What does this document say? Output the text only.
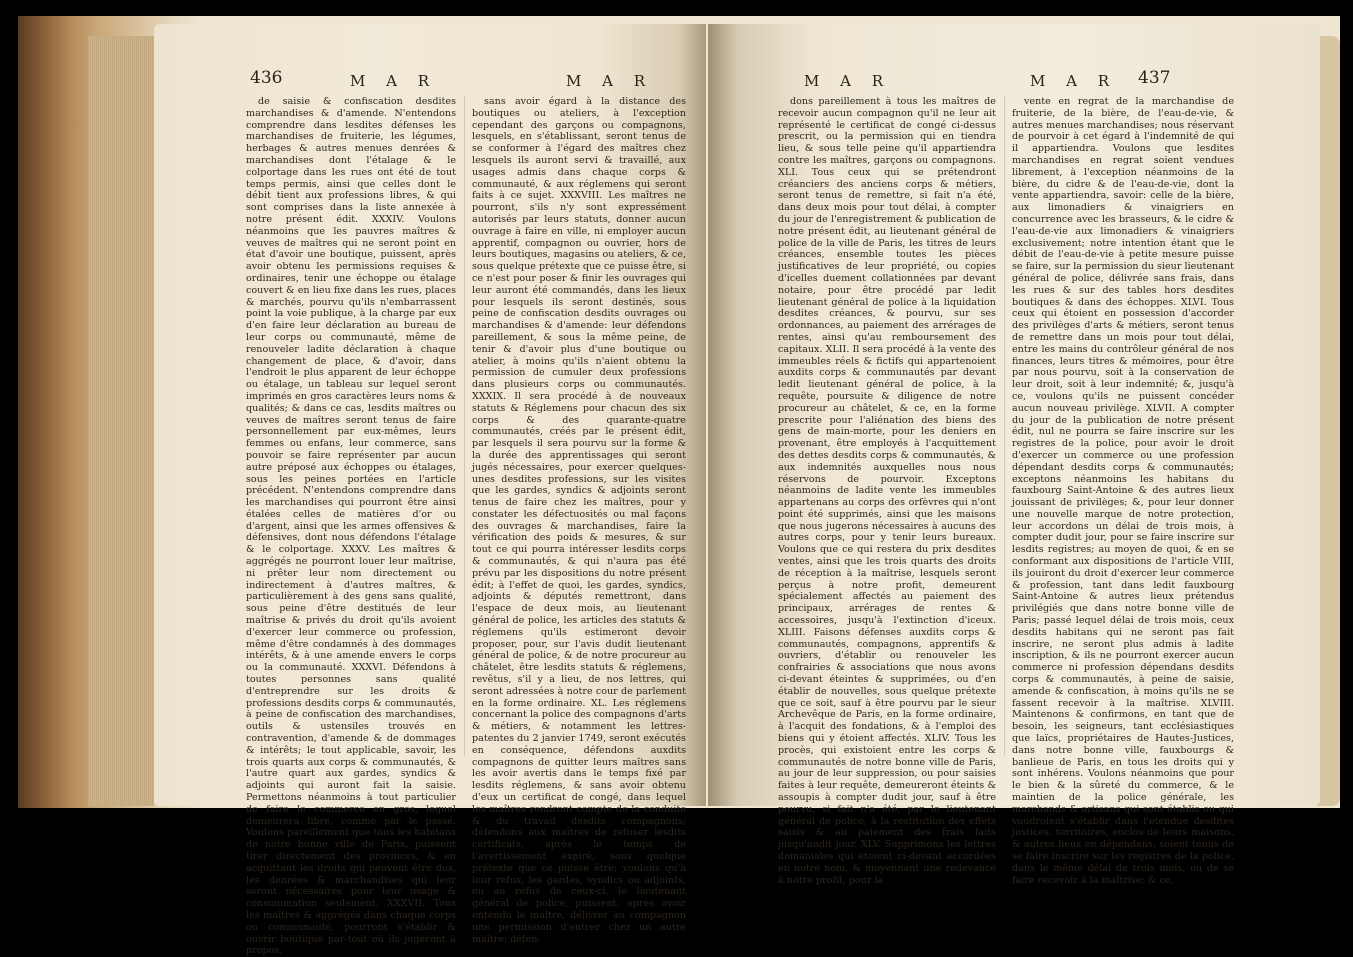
436	M A R	M A R

de saisie & confiscation desdites marchandises & d'amende. N'entendons comprendre dans lesdites défenses les marchandises de fruiterie, les légumes, herbages & autres menues denrées & marchandises dont l'étalage & le colportage dans les rues ont été de tout temps permis, ainsi que celles dont le débit tient aux professions libres, & qui sont comprises dans la liste annexée à notre présent édit. XXXIV. Voulons néanmoins que les pauvres maîtres & veuves de maîtres qui ne seront point en état d'avoir une boutique, puissent, après avoir obtenu les permissions requises & ordinaires, tenir une échoppe ou étalage couvert & en lieu fixe dans les rues, places & marchés, pourvu qu'ils n'embarrassent point la voie publique, à la charge par eux d'en faire leur déclaration au bureau de leur corps ou communauté, même de renouveler ladite déclaration à chaque changement de place, & d'avoir, dans l'endroit le plus apparent de leur échoppe ou étalage, un tableau sur lequel seront imprimés en gros caractères leurs noms & qualités; & dans ce cas, lesdits maîtres ou veuves de maîtres seront tenus de faire personnellement par eux-mêmes, leurs femmes ou enfans, leur commerce, sans pouvoir se faire représenter par aucun autre préposé aux échoppes ou étalages, sous les peines portées en l'article précédent. N'entendons comprendre dans les marchandises qui pourront être ainsi étalées celles de matières d'or ou d'argent, ainsi que les armes offensives & défensives, dont nous défendons l'étalage & le colportage. XXXV. Les maîtres & aggrégés ne pourront louer leur maîtrise, ni prêter leur nom directement ou indirectement à d'autres maîtres, & particulièrement à des gens sans qualité, sous peine d'être destitués de leur maîtrise & privés du droit qu'ils avoient d'exercer leur commerce ou profession, même d'être condamnés à des dommages intérêts, & à une amende envers le corps ou la communauté. XXXVI. Défendons à toutes personnes sans qualité d'entreprendre sur les droits & professions desdits corps & communautés, à peine de confiscation des marchandises, outils & ustensiles trouvés en contravention, d'amende & de dommages & intérêts; le tout applicable, savoir, les trois quarts aux corps & communautés, & l'autre quart aux gardes, syndics & adjoints qui auront fait la saisie. Permettons néanmoins à tout particulier de faire le commerce en gros, lequel demeurera libre, comme par le passé. Voulons pareillement que tous les habitans de notre bonne ville de Paris, puissent tirer directement des provinces, & en acquittant les droits qui peuvent être dus, les denrées & marchandises qui leur seront nécessaires pour leur usage & consommation seulement. XXXVII. Tous les maîtres & aggrégés dans chaque corps ou communauté, pourront s'établir & ouvrir boutique par-tout où ils jugeront à propos,

sans avoir égard à la distance des boutiques ou ateliers, à l'exception cependant des garçons ou compagnons, lesquels, en s'établissant, seront tenus de se conformer à l'égard des maîtres chez lesquels ils auront servi & travaillé, aux usages admis dans chaque corps & communauté, & aux réglemens qui seront faits à ce sujet. XXXVIII. Les maîtres ne pourront, s'ils n'y sont expressément autorisés par leurs statuts, donner aucun ouvrage à faire en ville, ni employer aucun apprentif, compagnon ou ouvrier, hors de leurs boutiques, magasins ou ateliers, & ce, sous quelque prétexte que ce puisse être, si ce n'est pour poser & finir les ouvrages qui leur auront été commandés, dans les lieux pour lesquels ils seront destinés, sous peine de confiscation desdits ouvrages ou marchandises & d'amende: leur défendons pareillement, & sous la même peine, de tenir & d'avoir plus d'une boutique ou atelier, à moins qu'ils n'aient obtenu la permission de cumuler deux professions dans plusieurs corps ou communautés. XXXIX. Il sera procédé à de nouveaux statuts & Réglemens pour chacun des six corps & des quarante-quatre communautés, créés par le présent édit, par lesquels il sera pourvu sur la forme & la durée des apprentissages qui seront jugés nécessaires, pour exercer quelques-unes desdites professions, sur les visites que les gardes, syndics & adjoints seront tenus de faire chez les maîtres, pour y constater les défectuosités ou mal façons des ouvrages & marchandises, faire la vérification des poids & mesures, & sur tout ce qui pourra intéresser lesdits corps & communautés, & qui n'aura pas été prévu par les dispositions du notre présent édit; à l'effet de quoi, les gardes, syndics, adjoints & députés remettront, dans l'espace de deux mois, au lieutenant général de police, les articles des statuts & réglemens qu'ils estimeront devoir proposer, pour, sur l'avis dudit lieutenant général de police, & de notre procureur au châtelet, être lesdits statuts & réglemens, revêtus, s'il y a lieu, de nos lettres, qui seront adressées à notre cour de parlement en la forme ordinaire. XL. Les réglemens concernant la police des compagnons d'arts & métiers, & notamment les lettres-patentes du 2 janvier 1749, seront exécutés en conséquence, défendons auxdits compagnons de quitter leurs maîtres sans les avoir avertis dans le temps fixé par lesdits réglemens, & sans avoir obtenu d'eux un certificat de congé, dans lequel les maîtres rendront compte de la conduite & du travail desdits compagnons; défendons aux maîtres de refuser lesdits certificats, après le temps de l'avertissement expiré, sous quelque prétexte que ce puisse être; voulons qu'à leur refus, les gardes, syndics ou adjoints, ou au refus de ceux-ci, le lieutenant général de police, puissent, après avoir entendu le maître, délivrer au compagnon une permission d'entrer chez un autre maître: défen-

M A R	M A R 437

dons pareillement à tous les maîtres de recevoir aucun compagnon qu'il ne leur ait représenté le certificat de congé ci-dessus prescrit, ou la permission qui en tiendra lieu, & sous telle peine qu'il appartiendra contre les maîtres, garçons ou compagnons. XLI. Tous ceux qui se prétendront créanciers des anciens corps & métiers, seront tenus de remettre, si fait n'a été, dans deux mois pour tout délai, à compter du jour de l'enregistrement & publication de notre présent édit, au lieutenant général de police de la ville de Paris, les titres de leurs créances, ensemble toutes les pièces justificatives de leur propriété, ou copies d'icelles duement collationnées par devant notaire, pour être procédé par ledit lieutenant général de police à la liquidation desdites créances, & pourvu, sur ses ordonnances, au paiement des arrérages de rentes, ainsi qu'au remboursement des capitaux. XLII. Il sera procédé à la vente des immeubles réels & fictifs qui appartenoient auxdits corps & communautés par devant ledit lieutenant général de police, à la requête, poursuite & diligence de notre procureur au châtelet, & ce, en la forme prescrite pour l'aliénation des biens des gens de main-morte, pour les deniers en provenant, être employés à l'acquittement des dettes desdits corps & communautés, & aux indemnités auxquelles nous nous réservons de pourvoir. Exceptons néanmoins de ladite vente les immeubles appartenans au corps des orfèvres qui n'ont point été supprimés, ainsi que les maisons que nous jugerons nécessaires à aucuns des autres corps, pour y tenir leurs bureaux. Voulons que ce qui restera du prix desdites ventes, ainsi que les trois quarts des droits de réception à la maîtrise, lesquels seront perçus à notre profit, demeurent spécialement affectés au paiement des principaux, arrérages de rentes & accessoires, jusqu'à l'extinction d'iceux. XLIII. Faisons défenses auxdits corps & communautés, compagnons, apprentifs & ouvriers, d'établir ou renouveler les confrairies & associations que nous avons ci-devant éteintes & supprimées, ou d'en établir de nouvelles, sous quelque prétexte que ce soit, sauf à être pourvu par le sieur Archevêque de Paris, en la forme ordinaire, à l'acquit des fondations, & à l'emploi des biens qui y étoient affectés. XLIV. Tous les procès, qui existoient entre les corps & communautés de notre bonne ville de Paris, au jour de leur suppression, ou pour saisies faites à leur requête, demeureront éteints & assoupis à compter dudit jour, sauf à être pourvu, si fait n'a été, par le lieutenant général de police, à la restitution des effets saisis & au paiement des frais faits jusqu'audit jour. XLV. Supprimons les lettres domaniales qui étoient ci-devant accordées en notre nom, & moyennant une redevance à notre profit, pour la

vente en regrat de la marchandise de fruiterie, de la bière, de l'eau-de-vie, & autres menues marchandises; nous réservant de pourvoir à cet égard à l'indemnité de qui il appartiendra. Voulons que lesdites marchandises en regrat soient vendues librement, à l'exception néanmoins de la bière, du cidre & de l'eau-de-vie, dont la vente appartiendra, savoir: celle de la bière, aux limonadiers & vinaigriers en concurrence avec les brasseurs, & le cidre & l'eau-de-vie aux limonadiers & vinaigriers exclusivement; notre intention étant que le débit de l'eau-de-vie à petite mesure puisse se faire, sur la permission du sieur lieutenant général de police, délivrée sans frais, dans les rues & sur des tables hors desdites boutiques & dans des échoppes. XLVI. Tous ceux qui étoient en possession d'accorder des privilèges d'arts & métiers, seront tenus de remettre dans un mois pour tout délai, entre les mains du contrôleur général de nos finances, leurs titres & mémoires, pour être par nous pourvu, soit à la conservation de leur droit, soit à leur indemnité; &, jusqu'à ce, voulons qu'ils ne puissent concéder aucun nouveau privilège. XLVII. A compter du jour de la publication de notre présent édit, nul ne pourra se faire inscrire sur les registres de la police, pour avoir le droit d'exercer un commerce ou une profession dépendant desdits corps & communautés; exceptons néanmoins les habitans du fauxbourg Saint-Antoine & des autres lieux jouissant de privilèges; &, pour leur donner une nouvelle marque de notre protection, leur accordons un délai de trois mois, à compter dudit jour, pour se faire inscrire sur lesdits registres; au moyen de quoi, & en se conformant aux dispositions de l'article VIII, ils jouiront du droit d'exercer leur commerce & profession, tant dans ledit fauxbourg Saint-Antoine & autres lieux prétendus privilégiés que dans notre bonne ville de Paris; passé lequel délai de trois mois, ceux desdits habitans qui ne seront pas fait inscrire, ne seront plus admis à ladite inscription, & ils ne pourront exercer aucun commerce ni profession dépendans desdits corps & communautés, à peine de saisie, amende & confiscation, à moins qu'ils ne se fassent recevoir à la maîtrise. XLVIII. Maintenons & confirmons, en tant que de besoin, les seigneurs, tant ecclésiastiques que laïcs, propriétaires de Hautes-Justices, dans notre bonne ville, fauxbourgs & banlieue de Paris, en tous les droits qui y sont inhérens. Voulons néanmoins que pour le bien & la sûreté du commerce, & le maintien de la police générale, les marchands & artisans qui sont établis ou qui voudroient s'établir dans l'étendue desdites justices, territoires, enclos de leurs maisons, & autres lieux en dépendans, soient tenus de se faire inscrire sur les registres de la police, dans le même délai de trois mois, ou de se faire recevoir à la maîtrise; & ce,
